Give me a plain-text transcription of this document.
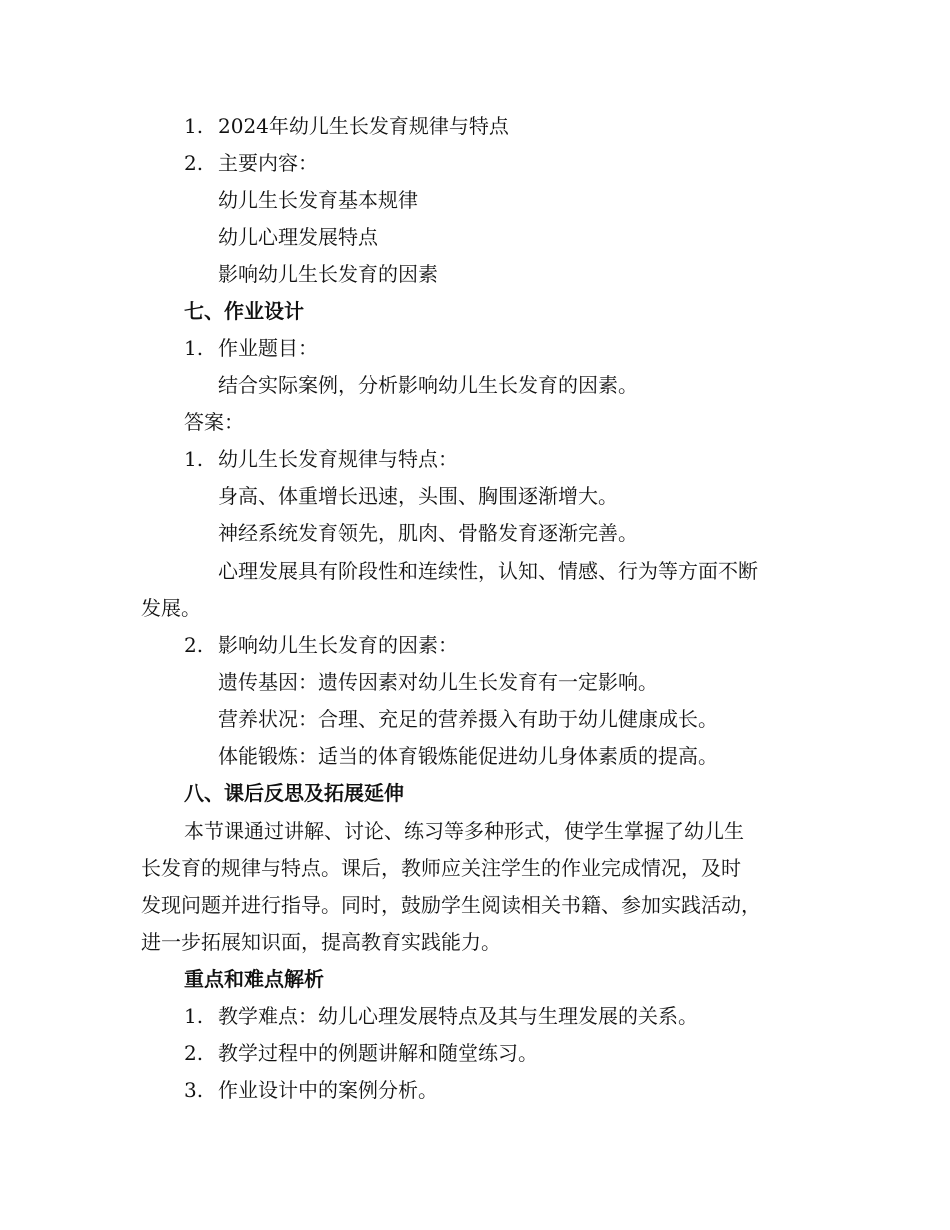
1. 2024年幼儿生长发育规律与特点
2. 主要内容：
幼儿生长发育基本规律
幼儿心理发展特点
影响幼儿生长发育的因素
七、作业设计
1. 作业题目：
结合实际案例，分析影响幼儿生长发育的因素。
答案：
1. 幼儿生长发育规律与特点：
身高、体重增长迅速，头围、胸围逐渐增大。
神经系统发育领先，肌肉、骨骼发育逐渐完善。
心理发展具有阶段性和连续性，认知、情感、行为等方面不断
发展。
2. 影响幼儿生长发育的因素：
遗传基因：遗传因素对幼儿生长发育有一定影响。
营养状况：合理、充足的营养摄入有助于幼儿健康成长。
体能锻炼：适当的体育锻炼能促进幼儿身体素质的提高。
八、课后反思及拓展延伸
本节课通过讲解、讨论、练习等多种形式，使学生掌握了幼儿生
长发育的规律与特点。课后，教师应关注学生的作业完成情况，及时
发现问题并进行指导。同时，鼓励学生阅读相关书籍、参加实践活动，
进一步拓展知识面，提高教育实践能力。
重点和难点解析
1. 教学难点：幼儿心理发展特点及其与生理发展的关系。
2. 教学过程中的例题讲解和随堂练习。
3. 作业设计中的案例分析。
